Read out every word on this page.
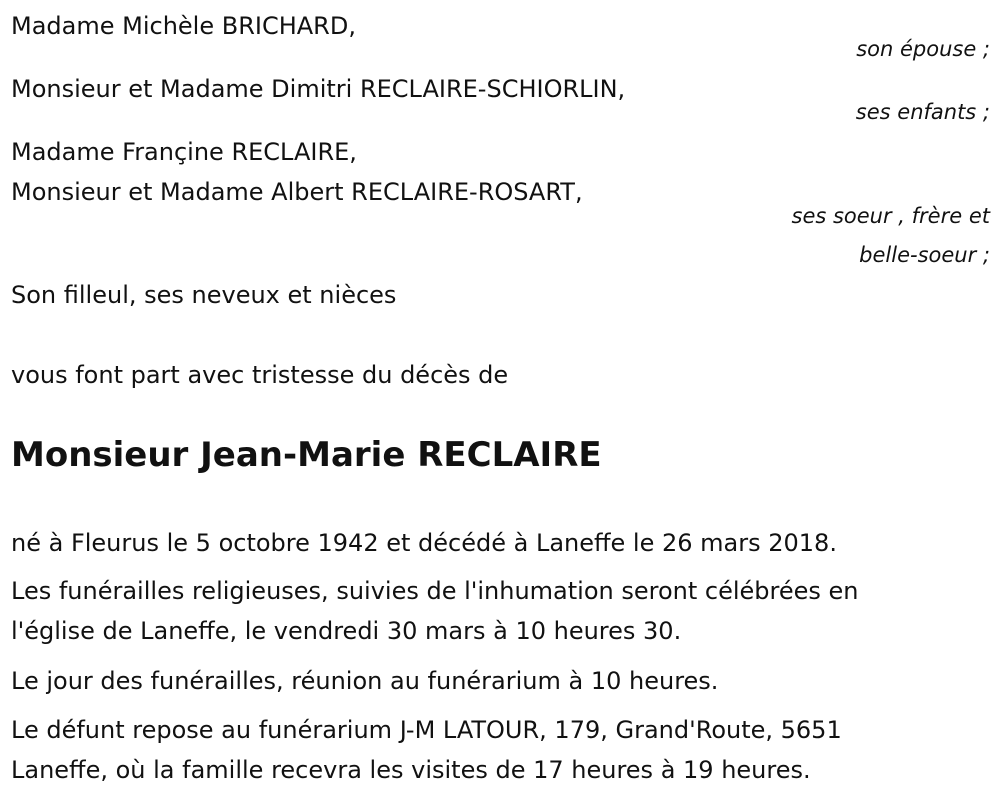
Madame Michèle BRICHARD,
son épouse ;
Monsieur et Madame Dimitri RECLAIRE-SCHIORLIN,
ses enfants ;
Madame Françine RECLAIRE,
Monsieur et Madame Albert RECLAIRE-ROSART,
ses soeur , frère et
belle-soeur ;
Son filleul, ses neveux et nièces
vous font part avec tristesse du décès de
Monsieur Jean-Marie RECLAIRE
né à Fleurus le 5 octobre 1942 et décédé à Laneffe le 26 mars 2018.
Les funérailles religieuses, suivies de l'inhumation seront célébrées en
l'église de Laneffe, le vendredi 30 mars à 10 heures 30.
Le jour des funérailles, réunion au funérarium à 10 heures.
Le défunt repose au funérarium J-M LATOUR, 179, Grand'Route, 5651
Laneffe, où la famille recevra les visites de 17 heures à 19 heures.
